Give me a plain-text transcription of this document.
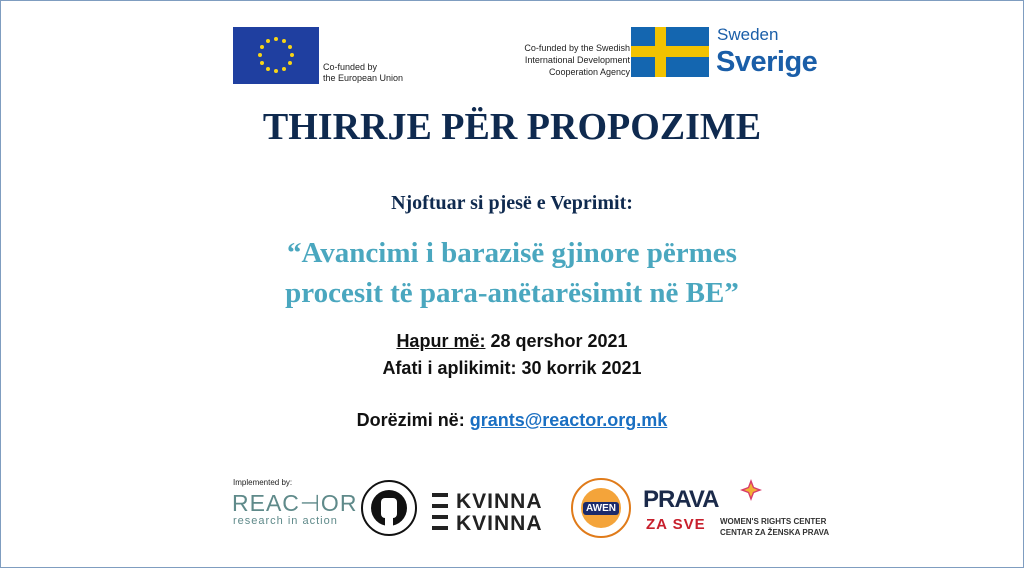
Co-funded by
the European Union
Co-funded by the Swedish
International Development
Cooperation Agency
Sweden
Sverige
THIRRJE PËR PROPOZIME
Njoftuar si pjesë e Veprimit:
“Avancimi i barazisë gjinore përmes
procesit të para-anëtarësimit në BE”
Hapur më: 28 qershor 2021
Afati i aplikimit: 30 korrik 2021
Dorëzimi në: grants@reactor.org.mk
Implemented by:
REAC⊣OR
research in action
KVINNA
KVINNA
AWEN	PRAVA
ZA SVE WOMEN'S RIGHTS CENTER
CENTAR ZA ŽENSKA PRAVA
